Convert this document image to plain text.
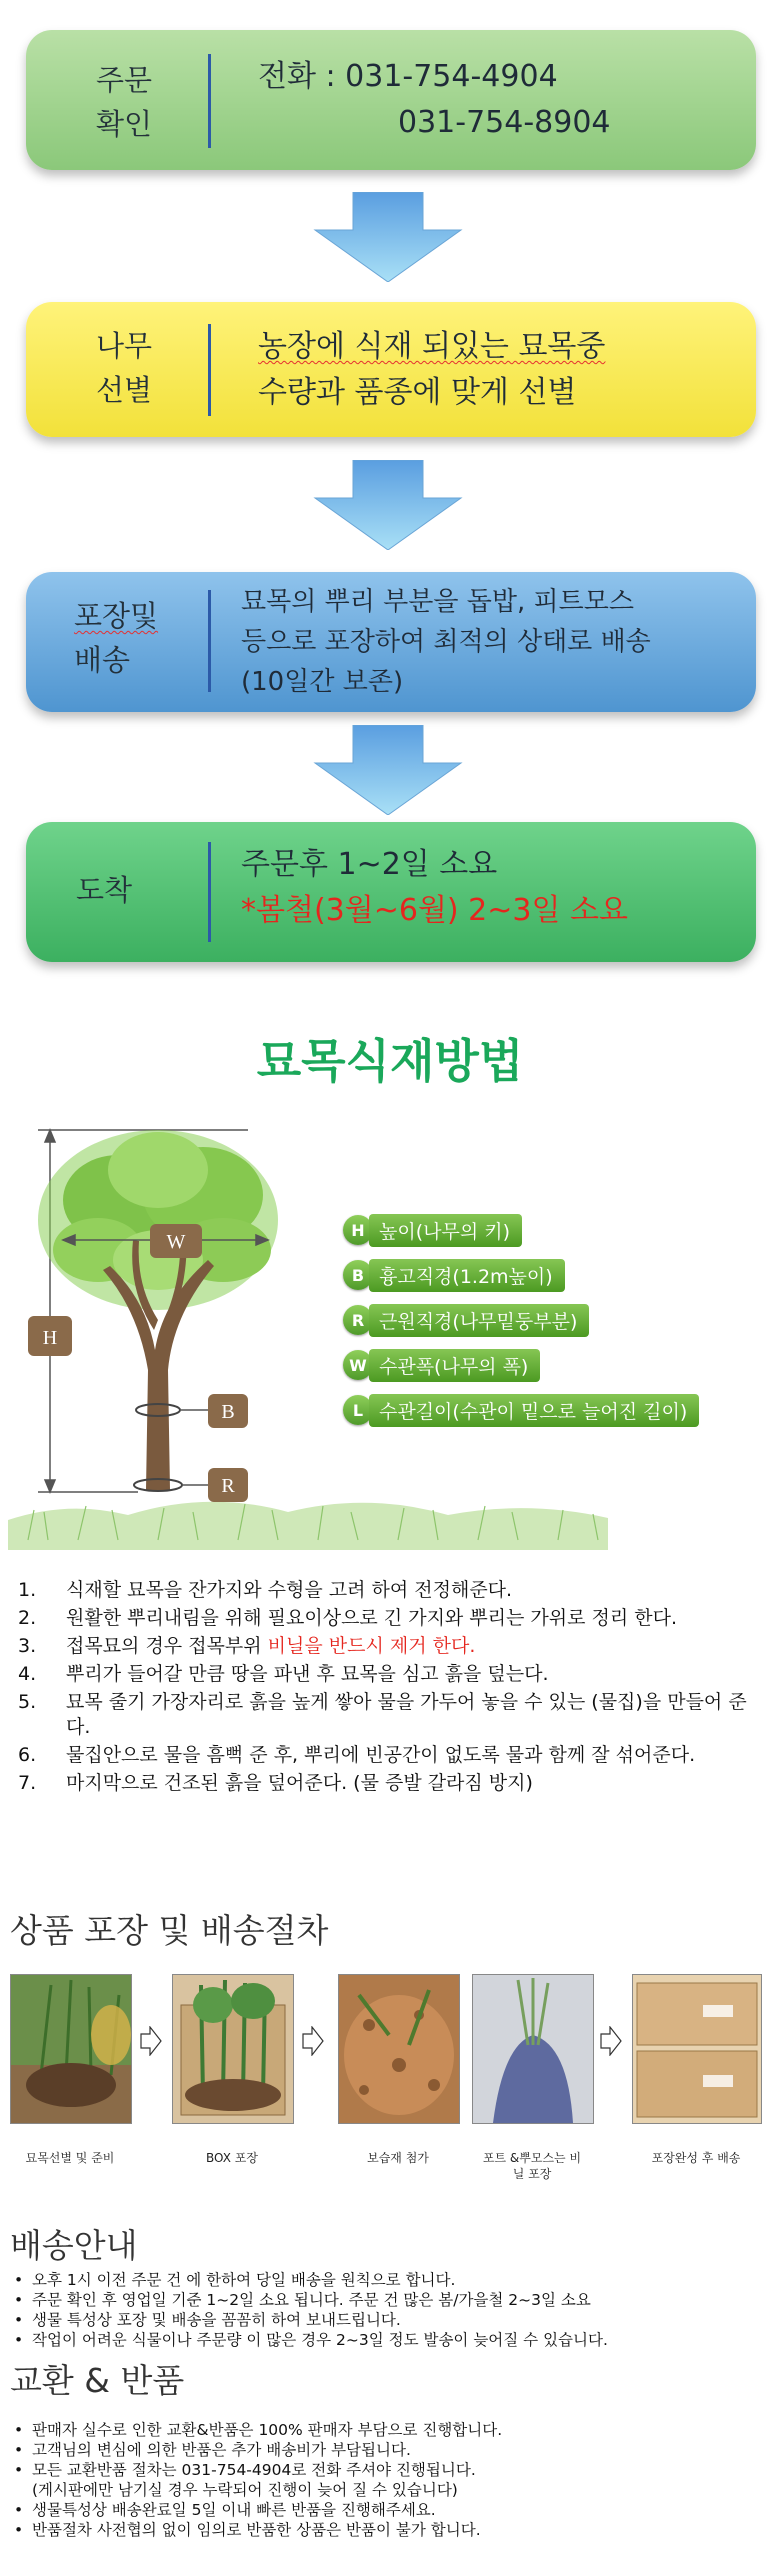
주문
확인
전화 : 031-754-4904
031-754-8904
나무
선별
농장에 식재 되있는 묘목중
수량과 품종에 맞게 선별
포장및
배송
묘목의 뿌리 부분을 돕밥, 피트모스
등으로 포장하여 최적의 상태로 배송
(10일간 보존)
도착
주문후 1~2일 소요
*봄철(3월~6월) 2~3일 소요
묘목식재방법
W
H
B
R
H 높이(나무의 키)
B 흉고직경(1.2m높이)
R 근원직경(나무밑둥부분)
W 수관폭(나무의 폭)
L 수관길이(수관이 밑으로 늘어진 길이)
1. 식재할 묘목을 잔가지와 수형을 고려 하여 전정해준다.
2. 원활한 뿌리내림을 위해 필요이상으로 긴 가지와 뿌리는 가위로 정리 한다.
3. 접목묘의 경우 접목부위 비닐을 반드시 제거 한다.
4. 뿌리가 들어갈 만큼 땅을 파낸 후 묘목을 심고 흙을 덮는다.
5. 묘목 줄기 가장자리로 흙을 높게 쌓아 물을 가두어 놓을 수 있는 (물집)을 만들어 준다.
6. 물집안으로 물을 흠뻑 준 후, 뿌리에 빈공간이 없도록 물과 함께 잘 섞어준다.
7. 마지막으로 건조된 흙을 덮어준다. (물 증발 갈라짐 방지)
상품 포장 및 배송절차
묘목선별 및 준비	BOX 포장	보습재 첨가	포트 &뿌모스는 비
닐 포장
포장완성 후 배송
배송안내
• 오후 1시 이전 주문 건 에 한하여 당일 배송을 원칙으로 합니다.
• 주문 확인 후 영업일 기준 1~2일 소요 됩니다. 주문 건 많은 봄/가을철 2~3일 소요
• 생물 특성상 포장 및 배송을 꼼꼼히 하여 보내드립니다.
• 작업이 어려운 식물이나 주문량 이 많은 경우 2~3일 정도 발송이 늦어질 수 있습니다.
교환 & 반품
• 판매자 실수로 인한 교환&반품은 100% 판매자 부담으로 진행합니다.
• 고객님의 변심에 의한 반품은 추가 배송비가 부담됩니다.
• 모든 교환반품 절차는 031-754-4904로 전화 주셔야 진행됩니다.
(게시판에만 남기실 경우 누락되어 진행이 늦어 질 수 있습니다)
• 생물특성상 배송완료일 5일 이내 빠른 반품을 진행해주세요.
• 반품절차 사전협의 없이 임의로 반품한 상품은 반품이 불가 합니다.
